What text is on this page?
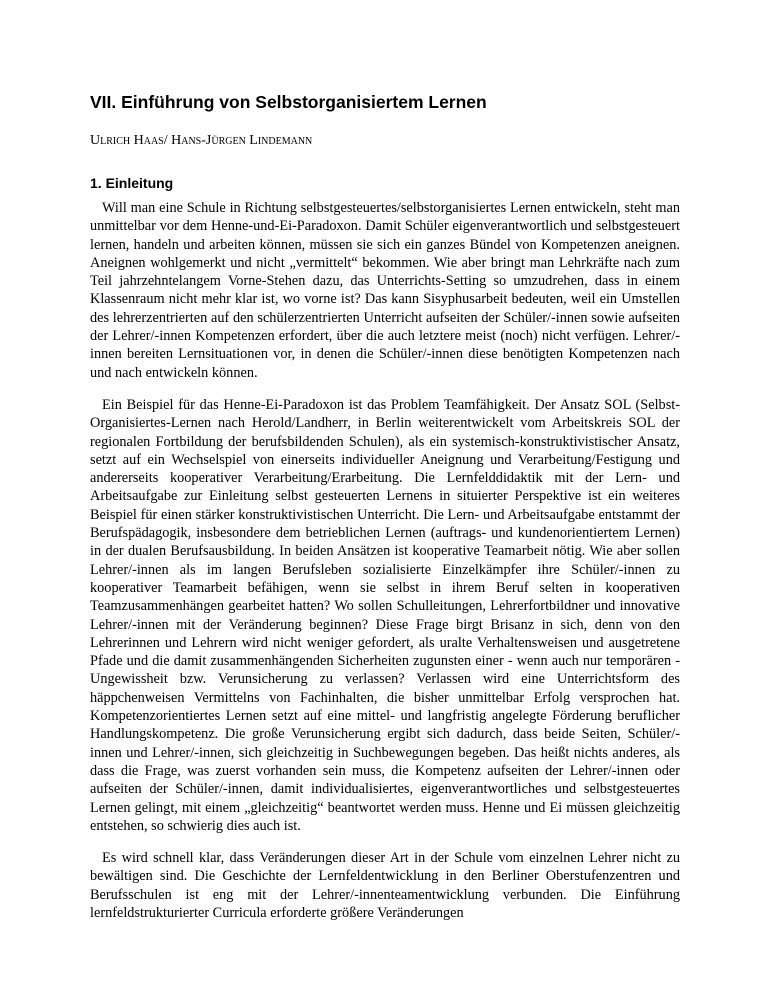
VII. Einführung von Selbstorganisiertem Lernen
Ulrich Haas/ Hans-Jürgen Lindemann
1. Einleitung

Will man eine Schule in Richtung selbstgesteuertes/selbstorganisiertes Lernen entwickeln, steht man unmittelbar vor dem Henne-und-Ei-Paradoxon. Damit Schüler eigenverantwortlich und selbstgesteuert lernen, handeln und arbeiten können, müssen sie sich ein ganzes Bündel von Kompetenzen aneignen. Aneignen wohlgemerkt und nicht „vermittelt“ bekommen. Wie aber bringt man Lehrkräfte nach zum Teil jahrzehntelangem Vorne-Stehen dazu, das Unterrichts-Setting so umzudrehen, dass in einem Klassenraum nicht mehr klar ist, wo vorne ist? Das kann Sisyphusarbeit bedeuten, weil ein Umstellen des lehrerzentrierten auf den schülerzentrierten Unterricht aufseiten der Schüler/-innen sowie aufseiten der Lehrer/-innen Kompetenzen erfordert, über die auch letztere meist (noch) nicht verfügen. Lehrer/-innen bereiten Lernsituationen vor, in denen die Schüler/-innen diese benötigten Kompetenzen nach und nach entwickeln können.

Ein Beispiel für das Henne-Ei-Paradoxon ist das Problem Teamfähigkeit. Der Ansatz SOL (Selbst-Organisiertes-Lernen nach Herold/Landherr, in Berlin weiterentwickelt vom Arbeitskreis SOL der regionalen Fortbildung der berufsbildenden Schulen), als ein systemisch-konstruktivistischer Ansatz, setzt auf ein Wechselspiel von einerseits individueller Aneignung und Verarbeitung/Festigung und andererseits kooperativer Verarbeitung/Erarbeitung. Die Lernfelddidaktik mit der Lern- und Arbeitsaufgabe zur Einleitung selbst gesteuerten Lernens in situierter Perspektive ist ein weiteres Beispiel für einen stärker konstruktivistischen Unterricht. Die Lern- und Arbeitsaufgabe entstammt der Berufspädagogik, insbesondere dem betrieblichen Lernen (auftrags- und kundenorientiertem Lernen) in der dualen Berufsausbildung. In beiden Ansätzen ist kooperative Teamarbeit nötig. Wie aber sollen Lehrer/-innen als im langen Berufsleben sozialisierte Einzelkämpfer ihre Schüler/-innen zu kooperativer Teamarbeit befähigen, wenn sie selbst in ihrem Beruf selten in kooperativen Teamzusammenhängen gearbeitet hatten? Wo sollen Schulleitungen, Lehrerfortbildner und innovative Lehrer/-innen mit der Veränderung beginnen? Diese Frage birgt Brisanz in sich, denn von den Lehrerinnen und Lehrern wird nicht weniger gefordert, als uralte Verhaltensweisen und ausgetretene Pfade und die damit zusammenhängenden Sicherheiten zugunsten einer - wenn auch nur temporären - Ungewissheit bzw. Verunsicherung zu verlassen? Verlassen wird eine Unterrichtsform des häppchenweisen Vermittelns von Fachinhalten, die bisher unmittelbar Erfolg versprochen hat. Kompetenzorientiertes Lernen setzt auf eine mittel- und langfristig angelegte Förderung beruflicher Handlungskompetenz. Die große Verunsicherung ergibt sich dadurch, dass beide Seiten, Schüler/-innen und Lehrer/-innen, sich gleichzeitig in Suchbewegungen begeben. Das heißt nichts anderes, als dass die Frage, was zuerst vorhanden sein muss, die Kompetenz aufseiten der Lehrer/-innen oder aufseiten der Schüler/-innen, damit individualisiertes, eigenverantwortliches und selbstgesteuertes Lernen gelingt, mit einem „gleichzeitig“ beantwortet werden muss. Henne und Ei müssen gleichzeitig entstehen, so schwierig dies auch ist.

Es wird schnell klar, dass Veränderungen dieser Art in der Schule vom einzelnen Lehrer nicht zu bewältigen sind. Die Geschichte der Lernfeldentwicklung in den Berliner Oberstufenzentren und Berufsschulen ist eng mit der Lehrer/-innenteamentwicklung verbunden. Die Einführung lernfeldstrukturierter Curricula erforderte größere Veränderungen
